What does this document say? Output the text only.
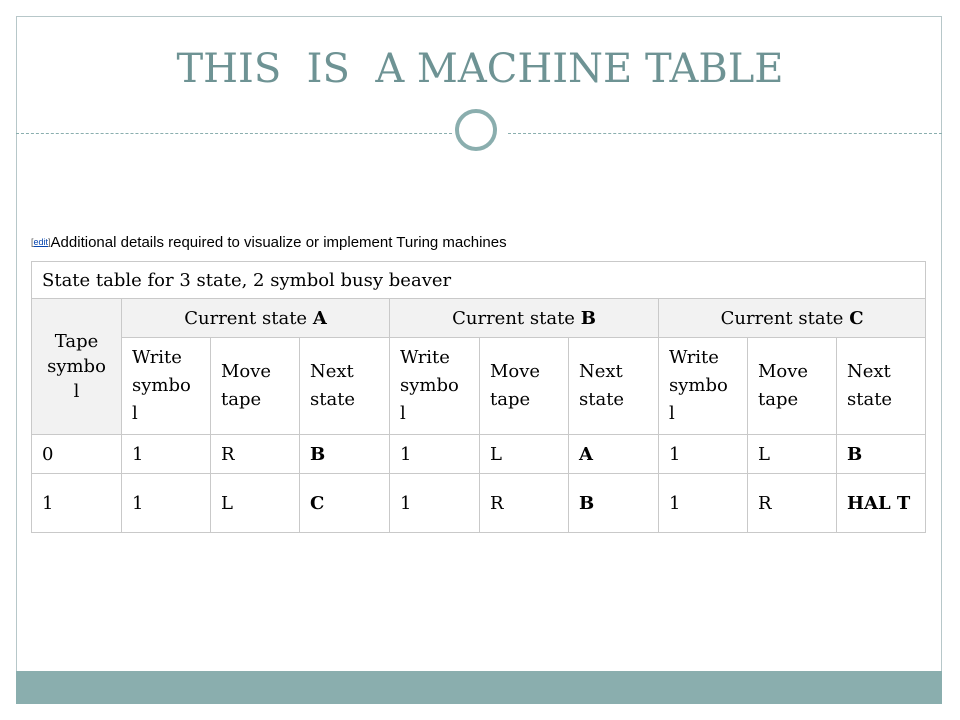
THIS  IS  A MACHINE TABLE
[edit]Additional details required to visualize or implement Turing machines
State table for 3 state, 2 symbol busy beaver									
Tape symbo l	Current state A			Current state B			Current state C		
	Write symbo l	Move tape	Next state	Write symbo l	Move tape	Next state	Write symbo l	Move tape	Next state
0	1	R	B	1	L	A	1	L	B
1	1	L	C	1	R	B	1	R	HAL T
